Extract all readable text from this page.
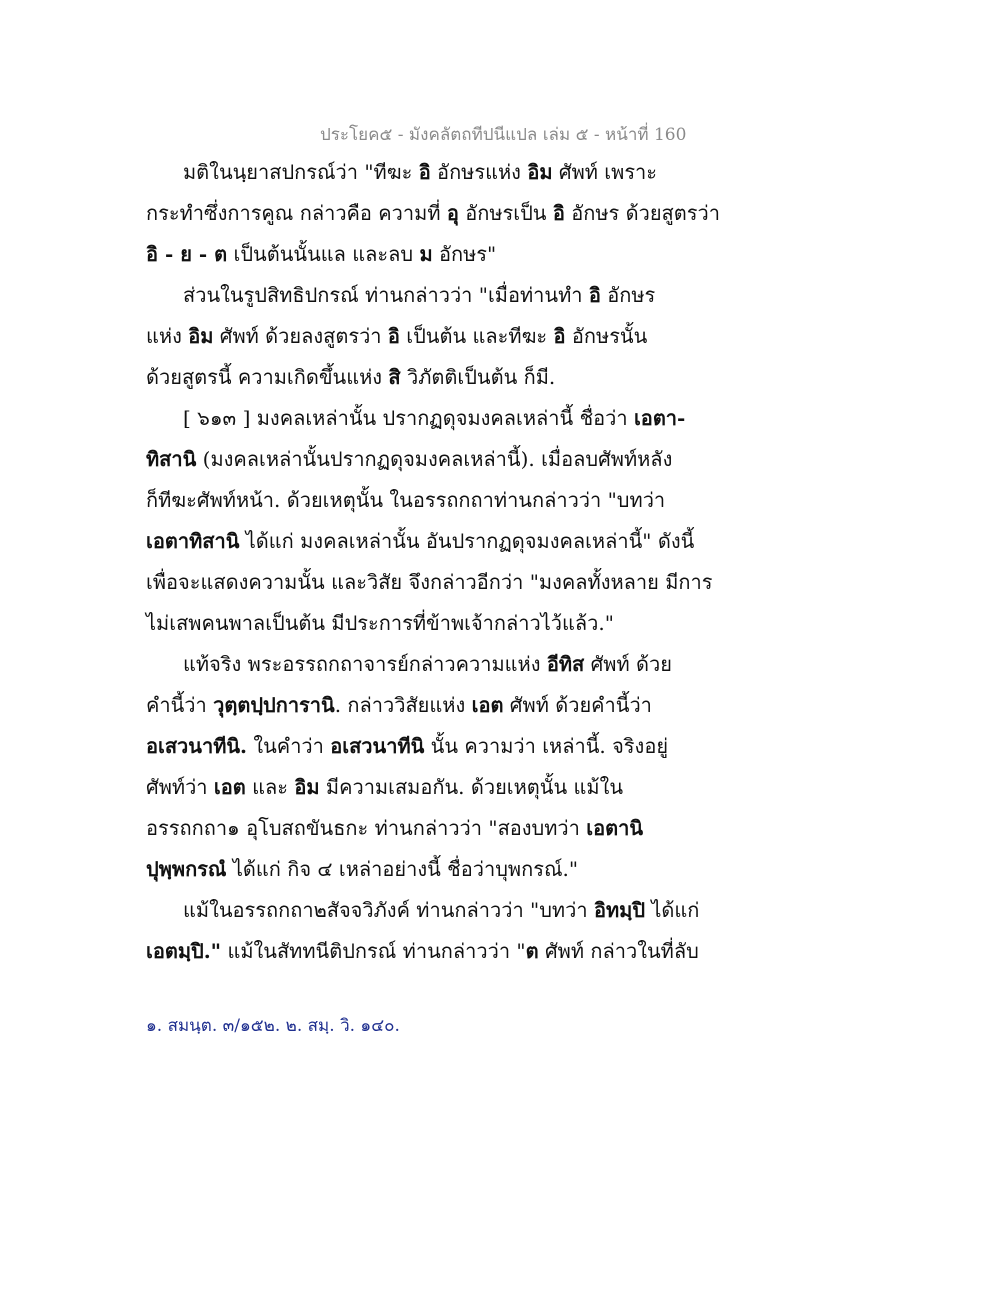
ประโยค๕ - มังคลัตถทีปนีแปล เล่ม ๕ - หน้าที่ 160
มติในนฺยาสปกรณ์ว่า "ทีฆะ อิ อักษรแห่ง อิม ศัพท์ เพราะ
กระทำซึ่งการคูณ กล่าวคือ ความที่ อุ อักษรเป็น อิ อักษร ด้วยสูตรว่า
อิ - ย - ต เป็นต้นนั้นแล และลบ ม อักษร"
ส่วนในรูปสิทธิปกรณ์ ท่านกล่าวว่า "เมื่อท่านทำ อิ อักษร
แห่ง อิม ศัพท์ ด้วยลงสูตรว่า อิ เป็นต้น และทีฆะ อิ อักษรนั้น
ด้วยสูตรนี้ ความเกิดขึ้นแห่ง สิ วิภัตติเป็นต้น ก็มี.
[ ๖๑๓ ] มงคลเหล่านั้น ปรากฏดุจมงคลเหล่านี้ ชื่อว่า เอตา-
ทิสานิ (มงคลเหล่านั้นปรากฏดุจมงคลเหล่านี้). เมื่อลบศัพท์หลัง
ก็ทีฆะศัพท์หน้า. ด้วยเหตุนั้น ในอรรถกถาท่านกล่าวว่า "บทว่า
เอตาทิสานิ ได้แก่ มงคลเหล่านั้น อันปรากฏดุจมงคลเหล่านี้" ดังนี้
เพื่อจะแสดงความนั้น และวิสัย จึงกล่าวอีกว่า "มงคลทั้งหลาย มีการ
ไม่เสพคนพาลเป็นต้น มีประการที่ข้าพเจ้ากล่าวไว้แล้ว."
แท้จริง พระอรรถกถาจารย์กล่าวความแห่ง อีทิส ศัพท์ ด้วย
คำนี้ว่า วุตฺตปฺปการานิ. กล่าววิสัยแห่ง เอต ศัพท์ ด้วยคำนี้ว่า
อเสวนาทีนิ. ในคำว่า อเสวนาทีนิ นั้น ความว่า เหล่านี้. จริงอยู่
ศัพท์ว่า เอต และ อิม มีความเสมอกัน. ด้วยเหตุนั้น แม้ใน
อรรถกถา๑ อุโบสถขันธกะ ท่านกล่าวว่า "สองบทว่า เอตานิ
ปุพฺพกรณํ ได้แก่ กิจ ๔ เหล่าอย่างนี้ ชื่อว่าบุพกรณ์."
แม้ในอรรถกถา๒สัจจวิภังค์ ท่านกล่าวว่า "บทว่า อิทมฺปิ ได้แก่
เอตมฺปิ." แม้ในสัททนีติปกรณ์ ท่านกล่าวว่า "ต ศัพท์ กล่าวในที่ลับ
๑. สมนฺต. ๓/๑๕๒. ๒. สมฺ. วิ. ๑๔๐.
